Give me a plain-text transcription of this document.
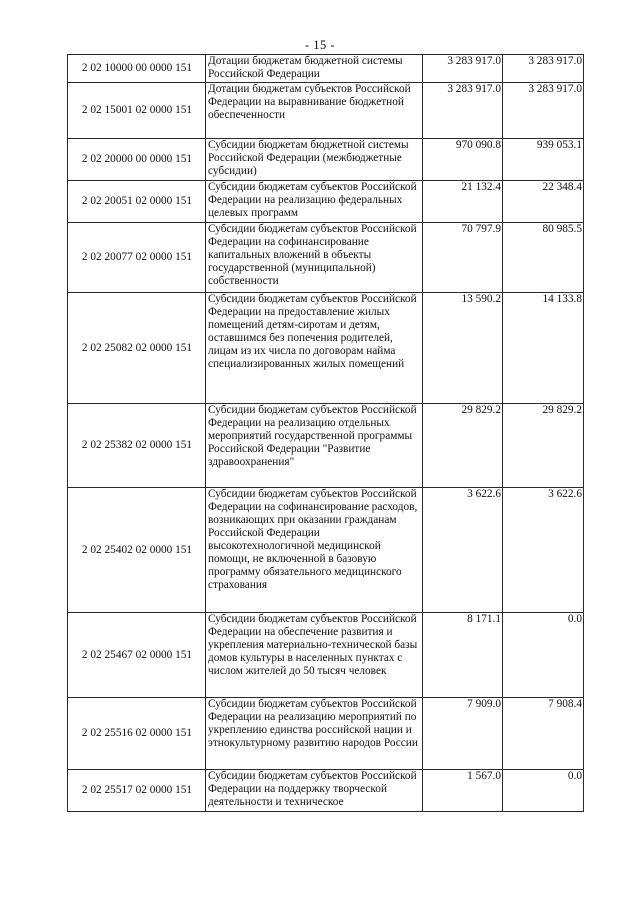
- 15 -
2 02 10000 00 0000 151	Дотации бюджетам бюджетной системы Российской Федерации	3 283 917.0	3 283 917.0
2 02 15001 02 0000 151	Дотации бюджетам субъектов Российской Федерации на выравнивание бюджетной обеспеченности	3 283 917.0	3 283 917.0
2 02 20000 00 0000 151	Субсидии бюджетам бюджетной системы Российской Федерации (межбюджетные субсидии)	970 090.8	939 053.1
2 02 20051 02 0000 151	Субсидии бюджетам субъектов Российской Федерации на реализацию федеральных целевых программ	21 132.4	22 348.4
2 02 20077 02 0000 151	Субсидии бюджетам субъектов Российской Федерации на софинансирование капитальных вложений в объекты государственной (муниципальной) собственности	70 797.9	80 985.5
2 02 25082 02 0000 151	Субсидии бюджетам субъектов Российской Федерации на предоставление жилых помещений детям-сиротам и детям, оставшимся без попечения родителей, лицам из их числа по договорам найма специализированных жилых помещений	13 590.2	14 133.8
2 02 25382 02 0000 151	Субсидии бюджетам субъектов Российской Федерации на реализацию отдельных мероприятий государственной программы Российской Федерации "Развитие здравоохранения"	29 829.2	29 829.2
2 02 25402 02 0000 151	Субсидии бюджетам субъектов Российской Федерации на софинансирование расходов, возникающих при оказании гражданам Российской Федерации высокотехнологичной медицинской помощи, не включенной в базовую программу обязательного медицинского страхования	3 622.6	3 622.6
2 02 25467 02 0000 151	Субсидии бюджетам субъектов Российской Федерации на обеспечение развития и укрепления материально-технической базы домов культуры в населенных пунктах с числом жителей до 50 тысяч человек	8 171.1	0.0
2 02 25516 02 0000 151	Субсидии бюджетам субъектов Российской Федерации на реализацию мероприятий по укреплению единства российской нации и этнокультурному развитию народов России	7 909.0	7 908.4
2 02 25517 02 0000 151	Субсидии бюджетам субъектов Российской Федерации на поддержку творческой деятельности и техническое	1 567.0	0.0
